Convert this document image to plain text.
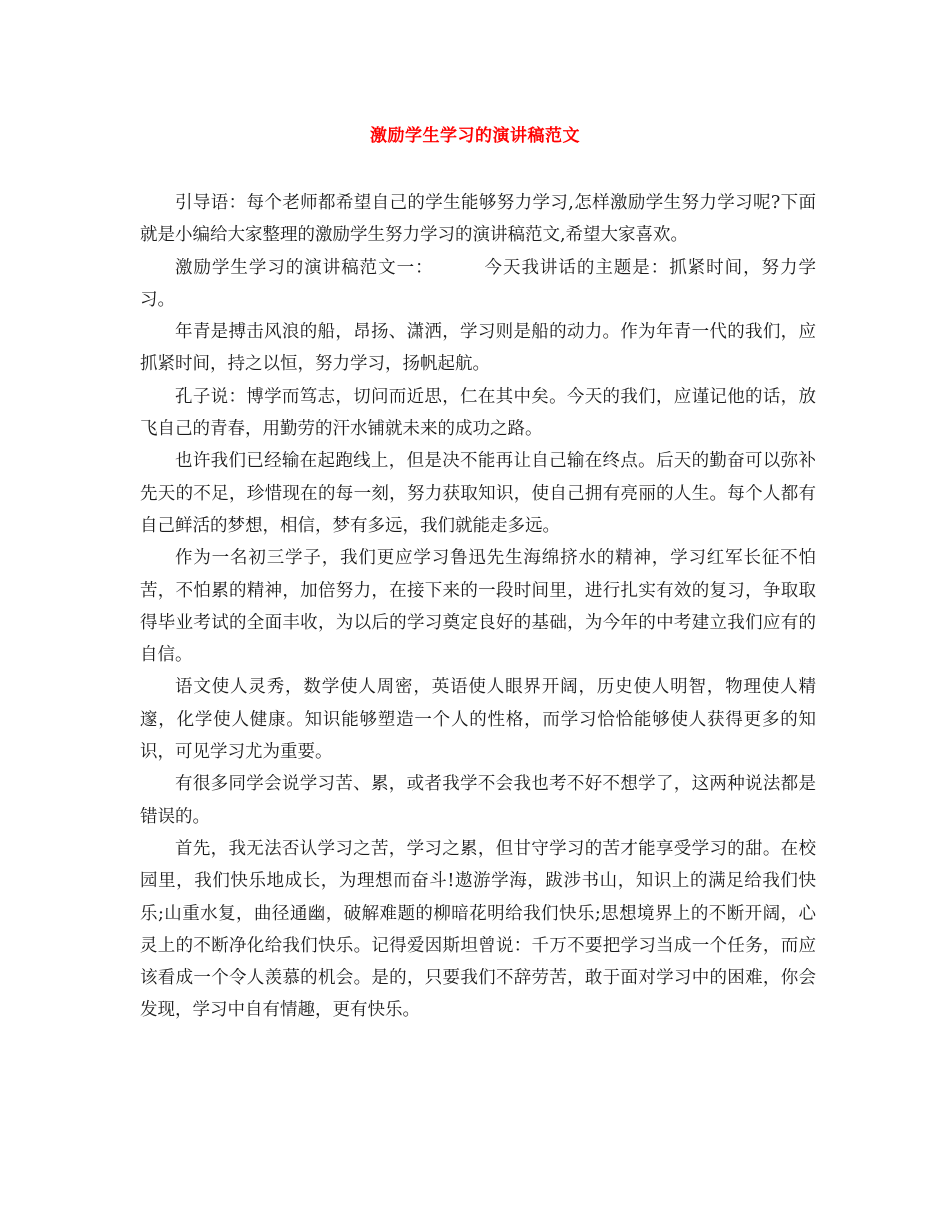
激励学生学习的演讲稿范文

引导语：每个老师都希望自己的学生能够努力学习,怎样激励学生努力学习呢?下面就是小编给大家整理的激励学生努力学习的演讲稿范文,希望大家喜欢。

激励学生学习的演讲稿范文一：	今天我讲话的主题是：抓紧时间，努力学习。

年青是搏击风浪的船，昂扬、潇洒，学习则是船的动力。作为年青一代的我们，应抓紧时间，持之以恒，努力学习，扬帆起航。

孔子说：博学而笃志，切问而近思，仁在其中矣。今天的我们，应谨记他的话，放飞自己的青春，用勤劳的汗水铺就未来的成功之路。

也许我们已经输在起跑线上，但是决不能再让自己输在终点。后天的勤奋可以弥补先天的不足，珍惜现在的每一刻，努力获取知识，使自己拥有亮丽的人生。每个人都有自己鲜活的梦想，相信，梦有多远，我们就能走多远。

作为一名初三学子，我们更应学习鲁迅先生海绵挤水的精神，学习红军长征不怕苦，不怕累的精神，加倍努力，在接下来的一段时间里，进行扎实有效的复习，争取取得毕业考试的全面丰收，为以后的学习奠定良好的基础，为今年的中考建立我们应有的自信。

语文使人灵秀，数学使人周密，英语使人眼界开阔，历史使人明智，物理使人精邃，化学使人健康。知识能够塑造一个人的性格，而学习恰恰能够使人获得更多的知识，可见学习尤为重要。

有很多同学会说学习苦、累，或者我学不会我也考不好不想学了，这两种说法都是错误的。

首先，我无法否认学习之苦，学习之累，但甘守学习的苦才能享受学习的甜。在校园里，我们快乐地成长，为理想而奋斗!遨游学海，跋涉书山，知识上的满足给我们快乐;山重水复，曲径通幽，破解难题的柳暗花明给我们快乐;思想境界上的不断开阔，心灵上的不断净化给我们快乐。记得爱因斯坦曾说：千万不要把学习当成一个任务，而应该看成一个令人羡慕的机会。是的，只要我们不辞劳苦，敢于面对学习中的困难，你会发现，学习中自有情趣，更有快乐。
